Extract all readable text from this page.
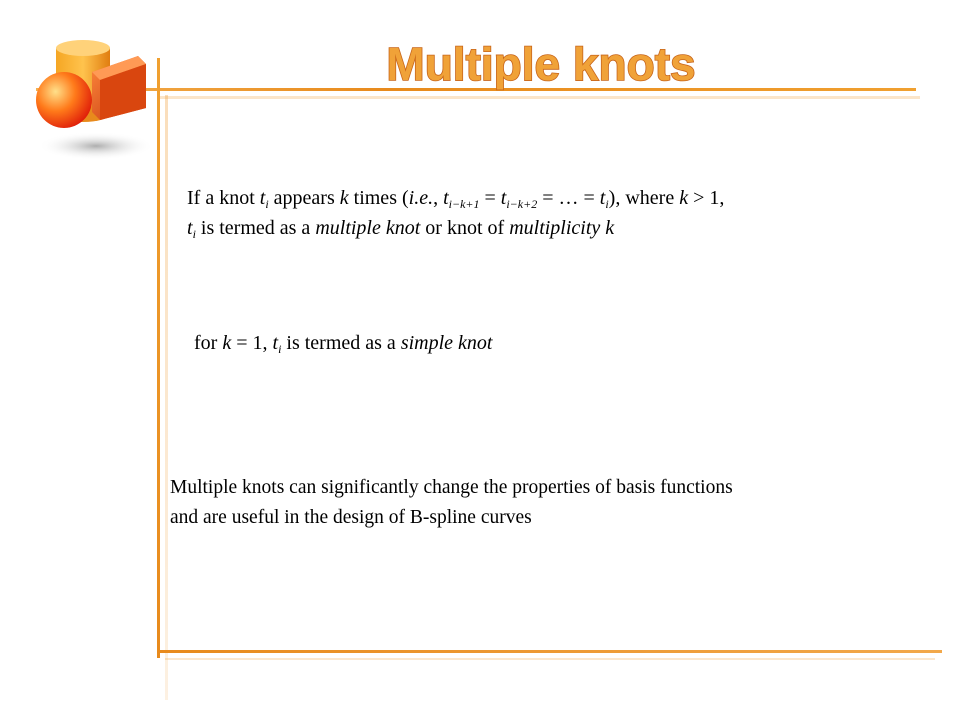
Multiple knots
If a knot $t_i$ appears k times (i.e., $t_{i-k+1} = t_{i-k+2}$ = … = $t_i$), where k > 1,
$t_i$ is termed as a multiple knot or knot of multiplicity k
for k = 1, $t_i$ is termed as a simple knot
Multiple knots can significantly change the properties of basis functions
and are useful in the design of B-spline curves
